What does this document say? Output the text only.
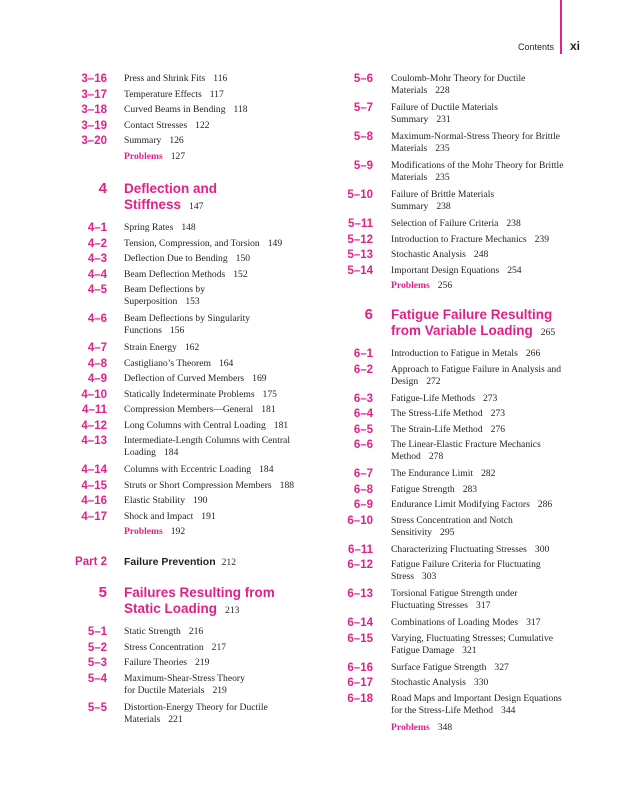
Contents xi
3–16 Press and Shrink Fits 116
3–17 Temperature Effects 117
3–18 Curved Beams in Bending 118
3–19 Contact Stresses 122
3–20 Summary 126
Problems 127
4 Deflection and
Stiffness 147
4–1 Spring Rates 148
4–2 Tension, Compression, and Torsion 149
4–3 Deflection Due to Bending 150
4–4 Beam Deflection Methods 152
4–5 Beam Deflections by
Superposition 153
4–6 Beam Deflections by Singularity
Functions 156
4–7 Strain Energy 162
4–8 Castigliano’s Theorem 164
4–9 Deflection of Curved Members 169
4–10 Statically Indeterminate Problems 175
4–11 Compression Members—General 181
4–12 Long Columns with Central Loading 181
4–13 Intermediate-Length Columns with Central
Loading 184
4–14 Columns with Eccentric Loading 184
4–15 Struts or Short Compression Members 188
4–16 Elastic Stability 190
4–17 Shock and Impact 191
Problems 192
Part 2 Failure Prevention 212
5 Failures Resulting from
Static Loading 213
5–1 Static Strength 216
5–2 Stress Concentration 217
5–3 Failure Theories 219
5–4 Maximum-Shear-Stress Theory
for Ductile Materials 219
5–5 Distortion-Energy Theory for Ductile
Materials 221
5–6 Coulomb-Mohr Theory for Ductile
Materials 228
5–7 Failure of Ductile Materials
Summary 231
5–8 Maximum-Normal-Stress Theory for Brittle
Materials 235
5–9 Modifications of the Mohr Theory for Brittle
Materials 235
5–10 Failure of Brittle Materials
Summary 238
5–11 Selection of Failure Criteria 238
5–12 Introduction to Fracture Mechanics 239
5–13 Stochastic Analysis 248
5–14 Important Design Equations 254
Problems 256
6 Fatigue Failure Resulting
from Variable Loading 265
6–1 Introduction to Fatigue in Metals 266
6–2 Approach to Fatigue Failure in Analysis and
Design 272
6–3 Fatigue-Life Methods 273
6–4 The Stress-Life Method 273
6–5 The Strain-Life Method 276
6–6 The Linear-Elastic Fracture Mechanics
Method 278
6–7 The Endurance Limit 282
6–8 Fatigue Strength 283
6–9 Endurance Limit Modifying Factors 286
6–10 Stress Concentration and Notch
Sensitivity 295
6–11 Characterizing Fluctuating Stresses 300
6–12 Fatigue Failure Criteria for Fluctuating
Stress 303
6–13 Torsional Fatigue Strength under
Fluctuating Stresses 317
6–14 Combinations of Loading Modes 317
6–15 Varying, Fluctuating Stresses; Cumulative
Fatigue Damage 321
6–16 Surface Fatigue Strength 327
6–17 Stochastic Analysis 330
6–18 Road Maps and Important Design Equations
for the Stress-Life Method 344
Problems 348
